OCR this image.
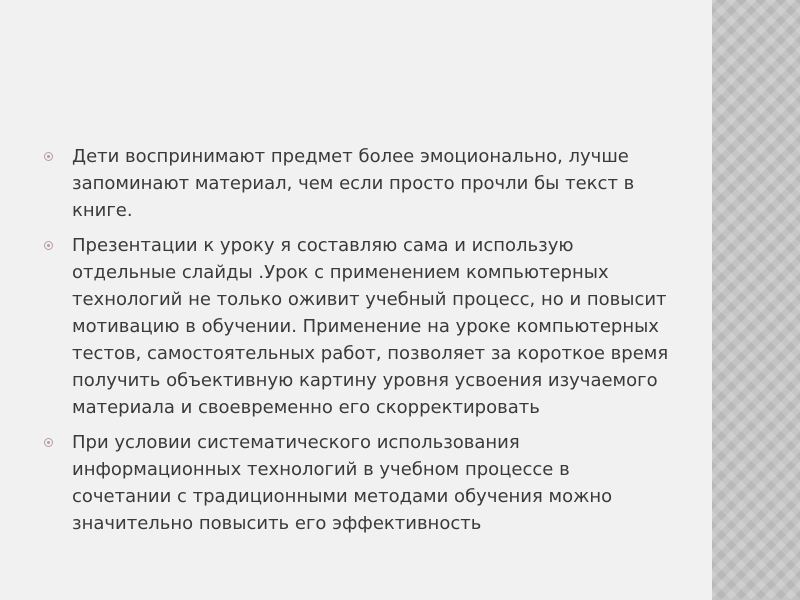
Дети воспринимают предмет более эмоционально, лучше запоминают материал, чем если просто прочли бы текст в книге.
Презентации к уроку я составляю сама и использую отдельные слайды .Урок с применением компьютерных технологий не только оживит учебный процесс, но и повысит мотивацию в обучении. Применение на уроке компьютерных тестов, самостоятельных работ, позволяет за короткое время получить объективную картину уровня усвоения изучаемого материала и своевременно его скорректировать
При условии систематического использования информационных технологий в учебном процессе в сочетании с традиционными методами обучения можно значительно повысить его эффективность
